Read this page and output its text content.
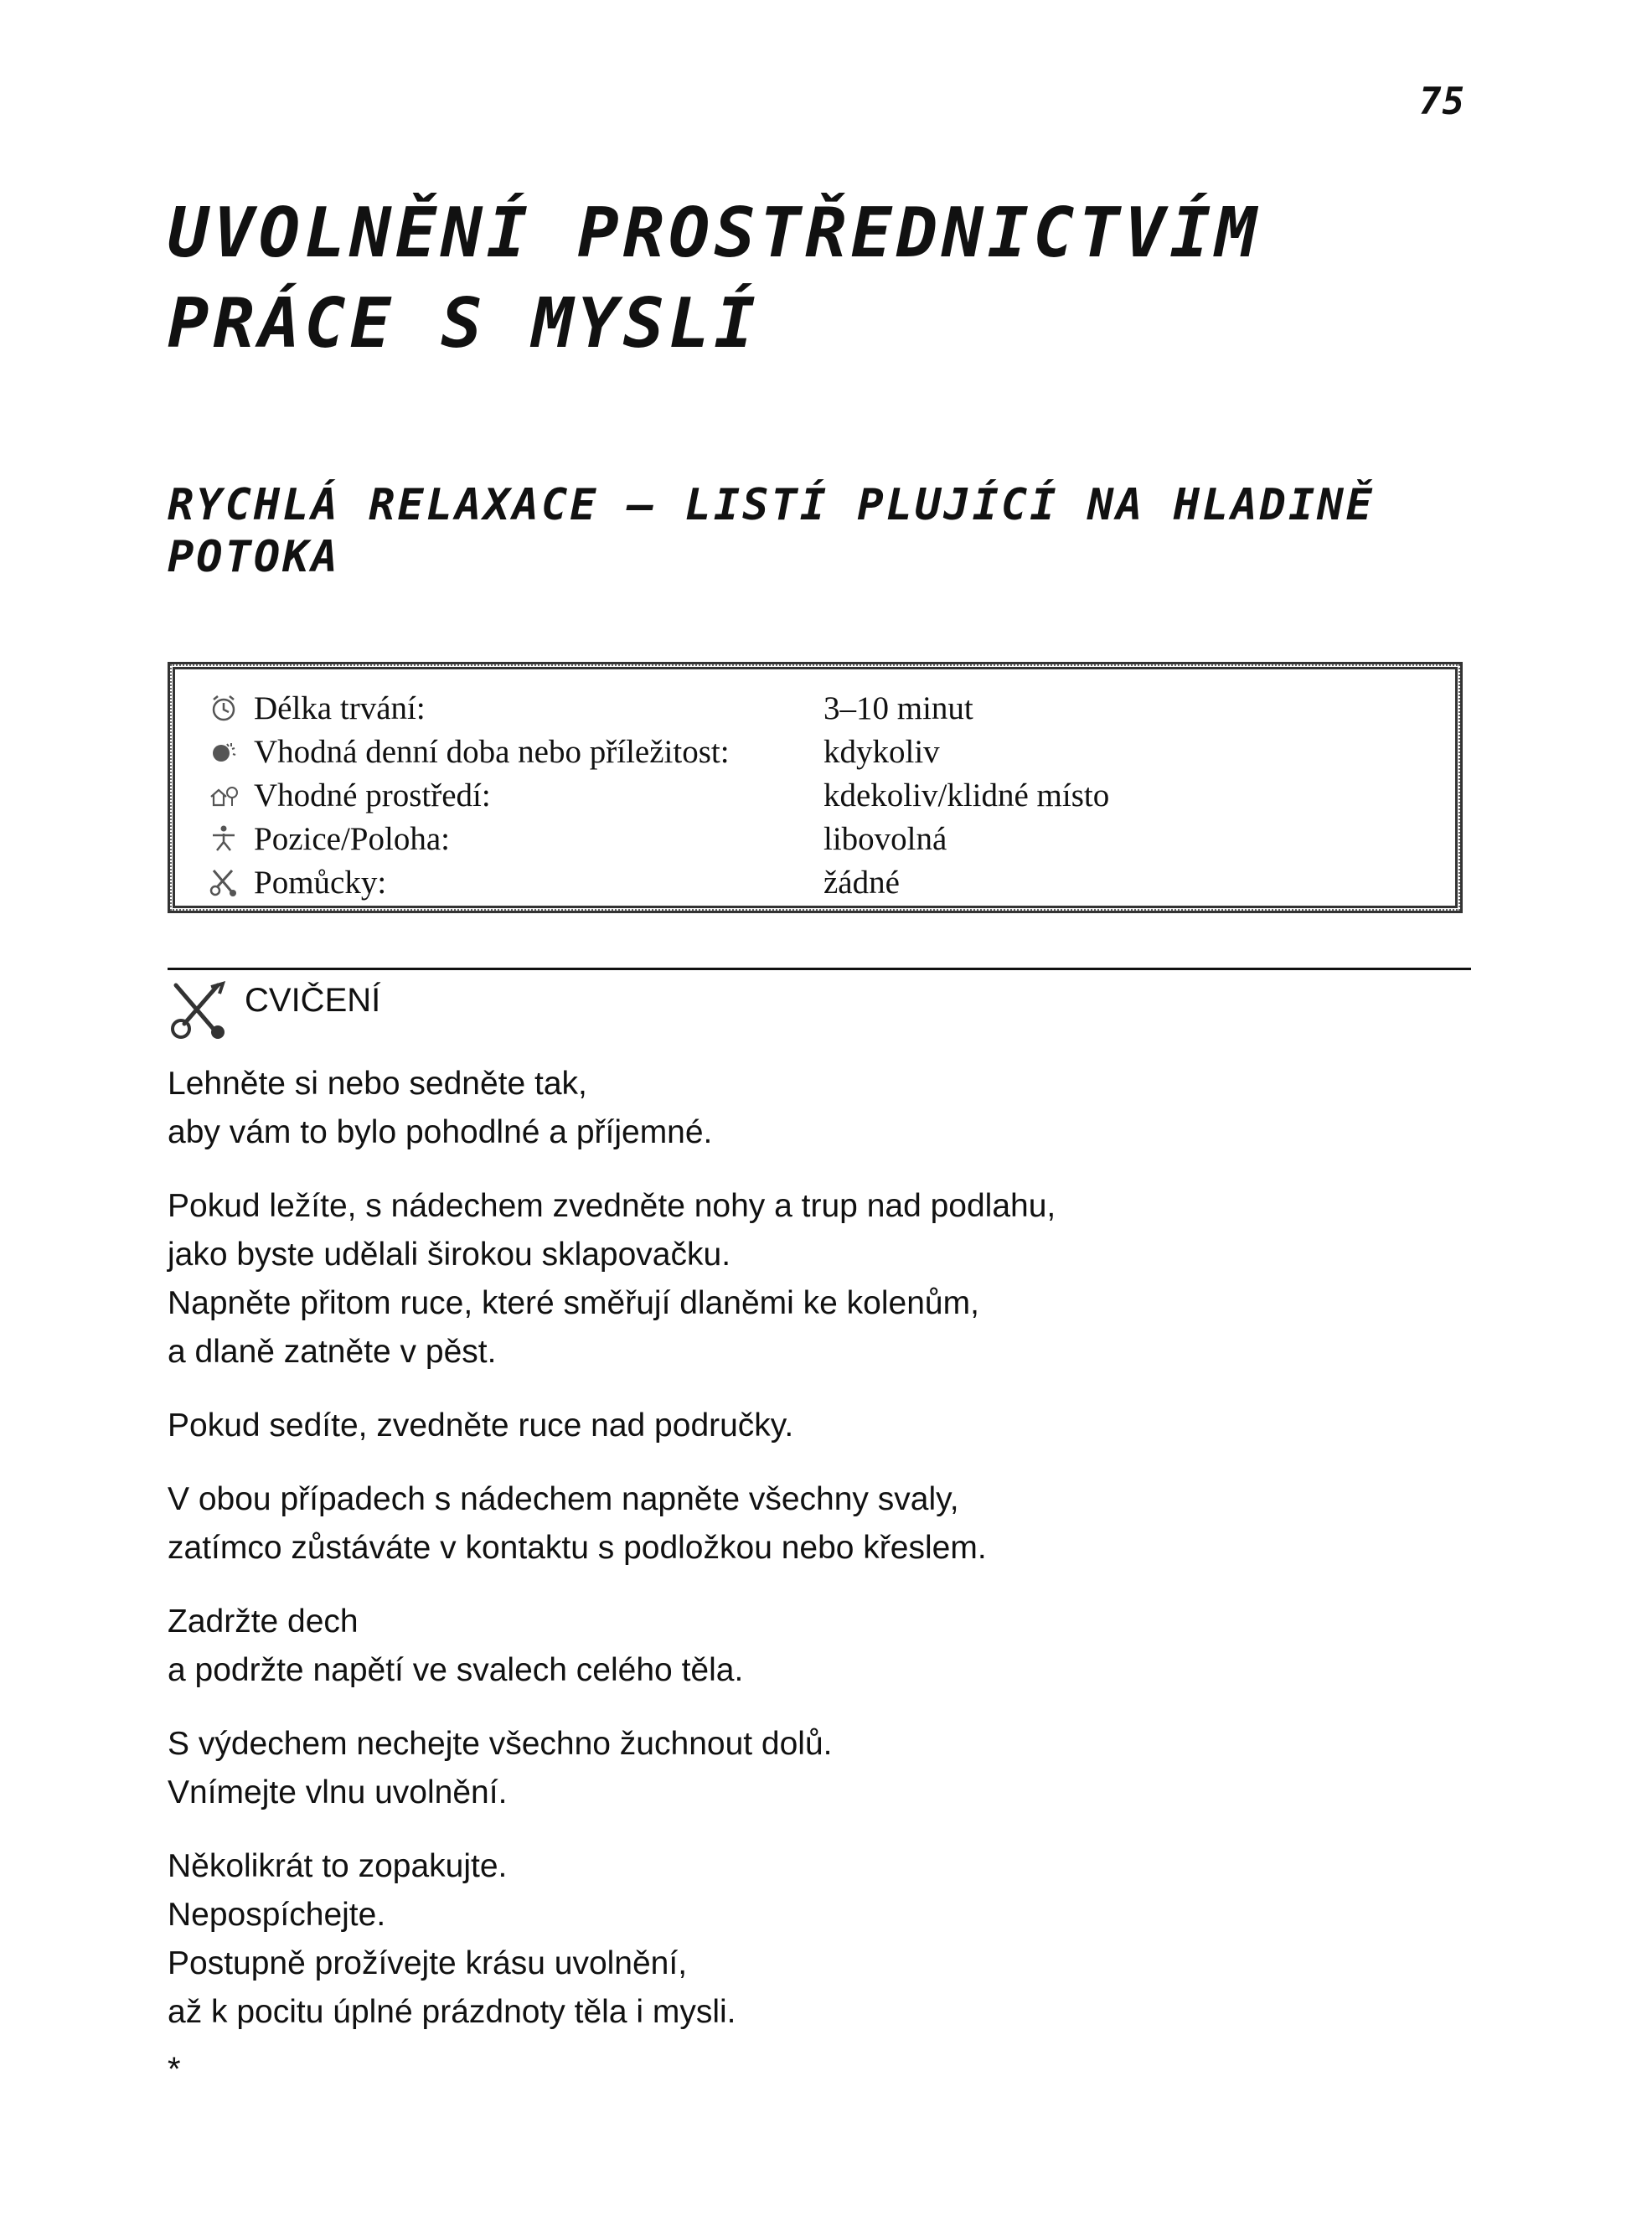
75
UVOLNĚNÍ PROSTŘEDNICTVÍM PRÁCE S MYSLÍ
RYCHLÁ RELAXACE – LISTÍ PLUJÍCÍ NA HLADINĚ POTOKA
Délka trvání:	3–10 minut
Vhodná denní doba nebo příležitost:	kdykoliv
Vhodné prostředí:	kdekoliv/klidné místo
Pozice/Poloha:	libovolná
Pomůcky:	žádné
CVIČENÍ

Lehněte si nebo sedněte tak,
aby vám to bylo pohodlné a příjemné.

Pokud ležíte, s nádechem zvedněte nohy a trup nad podlahu,
jako byste udělali širokou sklapovačku.
Napněte přitom ruce, které směřují dlaněmi ke kolenům,
a dlaně zatněte v pěst.

Pokud sedíte, zvedněte ruce nad područky.

V obou případech s nádechem napněte všechny svaly,
zatímco zůstáváte v kontaktu s podložkou nebo křeslem.

Zadržte dech
a podržte napětí ve svalech celého těla.

S výdechem nechejte všechno žuchnout dolů.
Vnímejte vlnu uvolnění.

Několikrát to zopakujte.
Nepospíchejte.
Postupně prožívejte krásu uvolnění,
až k pocitu úplné prázdnoty těla i mysli.

*
